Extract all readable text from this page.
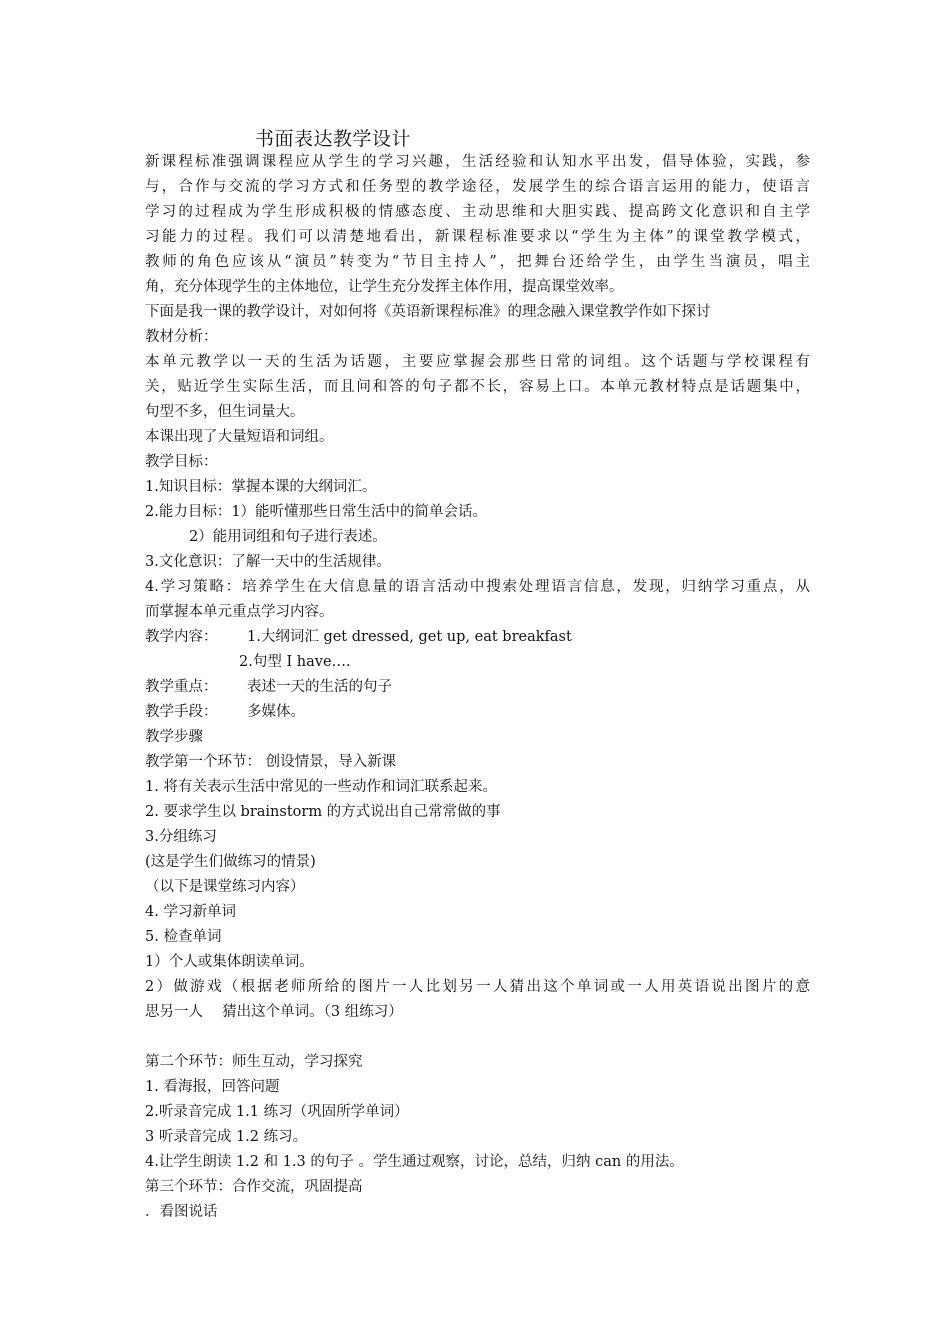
书面表达教学设计
新课程标准强调课程应从学生的学习兴趣，生活经验和认知水平出发，倡导体验，实践，参
与，合作与交流的学习方式和任务型的教学途径，发展学生的综合语言运用的能力，使语言
学习的过程成为学生形成积极的情感态度、主动思维和大胆实践、提高跨文化意识和自主学
习能力的过程。我们可以清楚地看出，新课程标准要求以“学生为主体”的课堂教学模式，
教师的角色应该从“演员”转变为“节目主持人”，把舞台还给学生，由学生当演员，唱主
角，充分体现学生的主体地位，让学生充分发挥主体作用，提高课堂效率。
下面是我一课的教学设计，对如何将《英语新课程标准》的理念融入课堂教学作如下探讨
教材分析：
本单元教学以一天的生活为话题，主要应掌握会那些日常的词组。这个话题与学校课程有
关，贴近学生实际生活，而且问和答的句子都不长，容易上口。本单元教材特点是话题集中，
句型不多，但生词量大。
本课出现了大量短语和词组。
教学目标：
1.知识目标：掌握本课的大纲词汇。
2.能力目标：1）能听懂那些日常生活中的简单会话。
2）能用词组和句子进行表述。
3.文化意识：了解一天中的生活规律。
4.学习策略：培养学生在大信息量的语言活动中搜索处理语言信息，发现，归纳学习重点，从
而掌握本单元重点学习内容。
教学内容： 1.大纲词汇 get dressed, get up, eat breakfast
2.句型 I have….
教学重点： 表述一天的生活的句子
教学手段： 多媒体。
教学步骤
教学第一个环节： 创设情景，导入新课
1. 将有关表示生活中常见的一些动作和词汇联系起来。
2. 要求学生以 brainstorm 的方式说出自己常常做的事
3.分组练习
(这是学生们做练习的情景)
（以下是课堂练习内容）
4. 学习新单词
5. 检查单词
1）个人或集体朗读单词。
2）做游戏（根据老师所给的图片一人比划另一人猜出这个单词或一人用英语说出图片的意
思另一人　 猜出这个单词。（3 组练习）
第二个环节：师生互动，学习探究
1. 看海报，回答问题
2.听录音完成 1.1 练习（巩固所学单词）
3 听录音完成 1.2 练习。
4.让学生朗读 1.2 和 1.3 的句子 。学生通过观察，讨论，总结，归纳 can 的用法。
第三个环节：合作交流，巩固提高
．看图说话
